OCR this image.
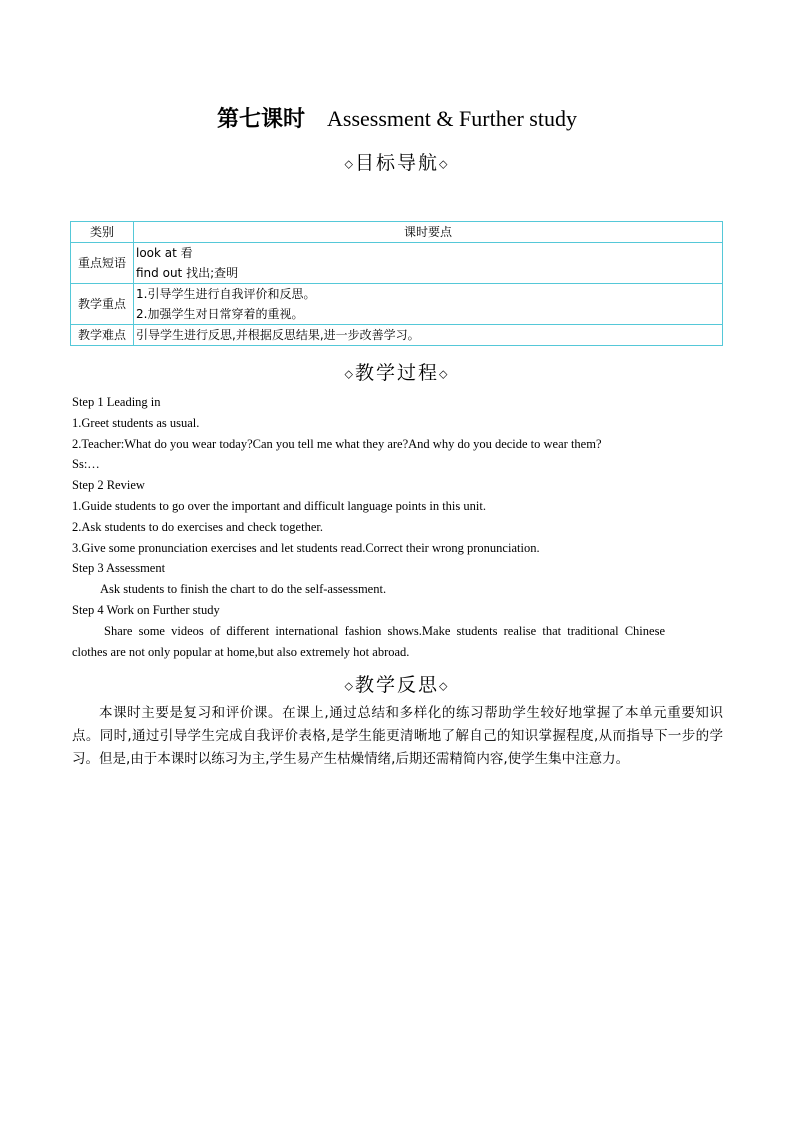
第七课时 Assessment & Further study
◇目标导航◇
类别	课时要点
重点短语	look at 看
find out 找出;查明

教学重点	1.引导学生进行自我评价和反思。
2.加强学生对日常穿着的重视。

教学难点	引导学生进行反思,并根据反思结果,进一步改善学习。
◇教学过程◇

Step 1 Leading in

1.Greet students as usual.

2.Teacher:What do you wear today?Can you tell me what they are?And why do you decide to wear them?

Ss:…

Step 2 Review

1.Guide students to go over the important and difficult language points in this unit.

2.Ask students to do exercises and check together.

3.Give some pronunciation exercises and let students read.Correct their wrong pronunciation.

Step 3 Assessment

Ask students to finish the chart to do the self-assessment.

Step 4 Work on Further study

Share some videos of different international fashion shows.Make students realise that traditional Chinese

clothes are not only popular at home,but also extremely hot abroad.

◇教学反思◇
本课时主要是复习和评价课。在课上,通过总结和多样化的练习帮助学生较好地掌握了本单元重要知识点。同时,通过引导学生完成自我评价表格,是学生能更清晰地了解自己的知识掌握程度,从而指导下一步的学习。但是,由于本课时以练习为主,学生易产生枯燥情绪,后期还需精简内容,使学生集中注意力。
